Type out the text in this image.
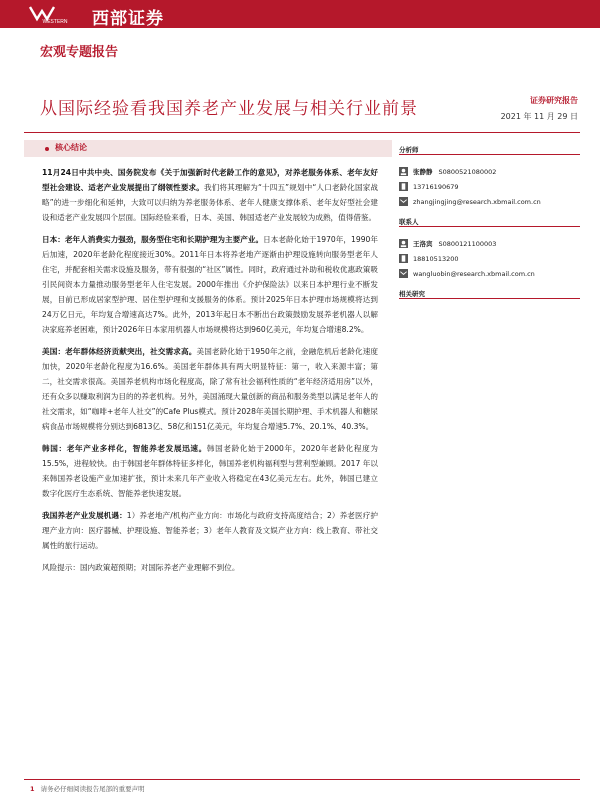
WESTERN 西部证券
宏观专题报告
从国际经验看我国养老产业发展与相关行业前景	证券研究报告
2021 年 11 月 29 日
核心结论

11月24日中共中央、国务院发布《关于加强新时代老龄工作的意见》，对养老服务体系、老年友好型社会建设、适老产业发展提出了纲领性要求。我们将其理解为“十四五”规划中“人口老龄化国家战略”的进一步细化和延伸，大致可以归纳为养老服务体系、老年人健康支撑体系、老年友好型社会建设和适老产业发展四个层面。国际经验来看，日本、美国、韩国适老产业发展较为成熟，值得借鉴。

日本：老年人消费实力强劲，服务型住宅和长期护理为主要产业。日本老龄化始于1970年，1990年后加速，2020年老龄化程度接近30%。2011年日本将养老地产逐渐由护理设施转向服务型老年人住宅，并配套相关需求设施及服务，带有很强的“社区”属性。同时，政府通过补助和税收优惠政策吸引民间资本力量推动服务型老年人住宅发展。2000年推出《介护保险法》以来日本护理行业不断发展，目前已形成居家型护理、居住型护理和支援服务的体系。预计2025年日本护理市场规模将达到24万亿日元，年均复合增速高达7%。此外，2013年起日本不断出台政策鼓励发展养老机器人以解决家庭养老困难，预计2026年日本家用机器人市场规模将达到960亿美元，年均复合增速8.2%。

美国：老年群体经济贡献突出，社交需求高。美国老龄化始于1950年之前，金融危机后老龄化速度加快，2020年老龄化程度为16.6%。美国老年群体具有两大明显特征：第一，收入来源丰富；第二，社交需求很高。美国养老机构市场化程度高，除了常有社会福利性质的“老年经济适用房”以外，还有众多以赚取利润为目的的养老机构。另外，美国涌现大量创新的商品和服务类型以满足老年人的社交需求，如“咖啡+老年人社交”的Cafe Plus模式。预计2028年美国长期护理、手术机器人和糖尿病食品市场规模将分别达到6813亿、58亿和151亿美元，年均复合增速5.7%、20.1%、40.3%。

韩国：老年产业多样化，智能养老发展迅速。韩国老龄化始于2000年，2020年老龄化程度为15.5%，进程较快。由于韩国老年群体特征多样化，韩国养老机构福利型与营利型兼顾。2017 年以来韩国养老设施产业加速扩张，预计未来几年产业收入将稳定在43亿美元左右。此外，韩国已建立数字化医疗生态系统、智能养老快速发展。

我国养老产业发展机遇：1）养老地产/机构产业方向：市场化与政府支持高度结合；2）养老医疗护理产业方向：医疗器械、护理设施、智能养老；3）老年人教育及文娱产业方向：线上教育、带社交属性的旅行运动。

风险提示：国内政策超预期；对国际养老产业理解不到位。

分析师
张静静 S0800521080002
13716190679
zhangjingjing@research.xbmail.com.cn
联系人
王洛宾 S0800121100003
18810513200
wangluobin@research.xbmail.com.cn
相关研究
1 请务必仔细阅读报告尾部的重要声明
